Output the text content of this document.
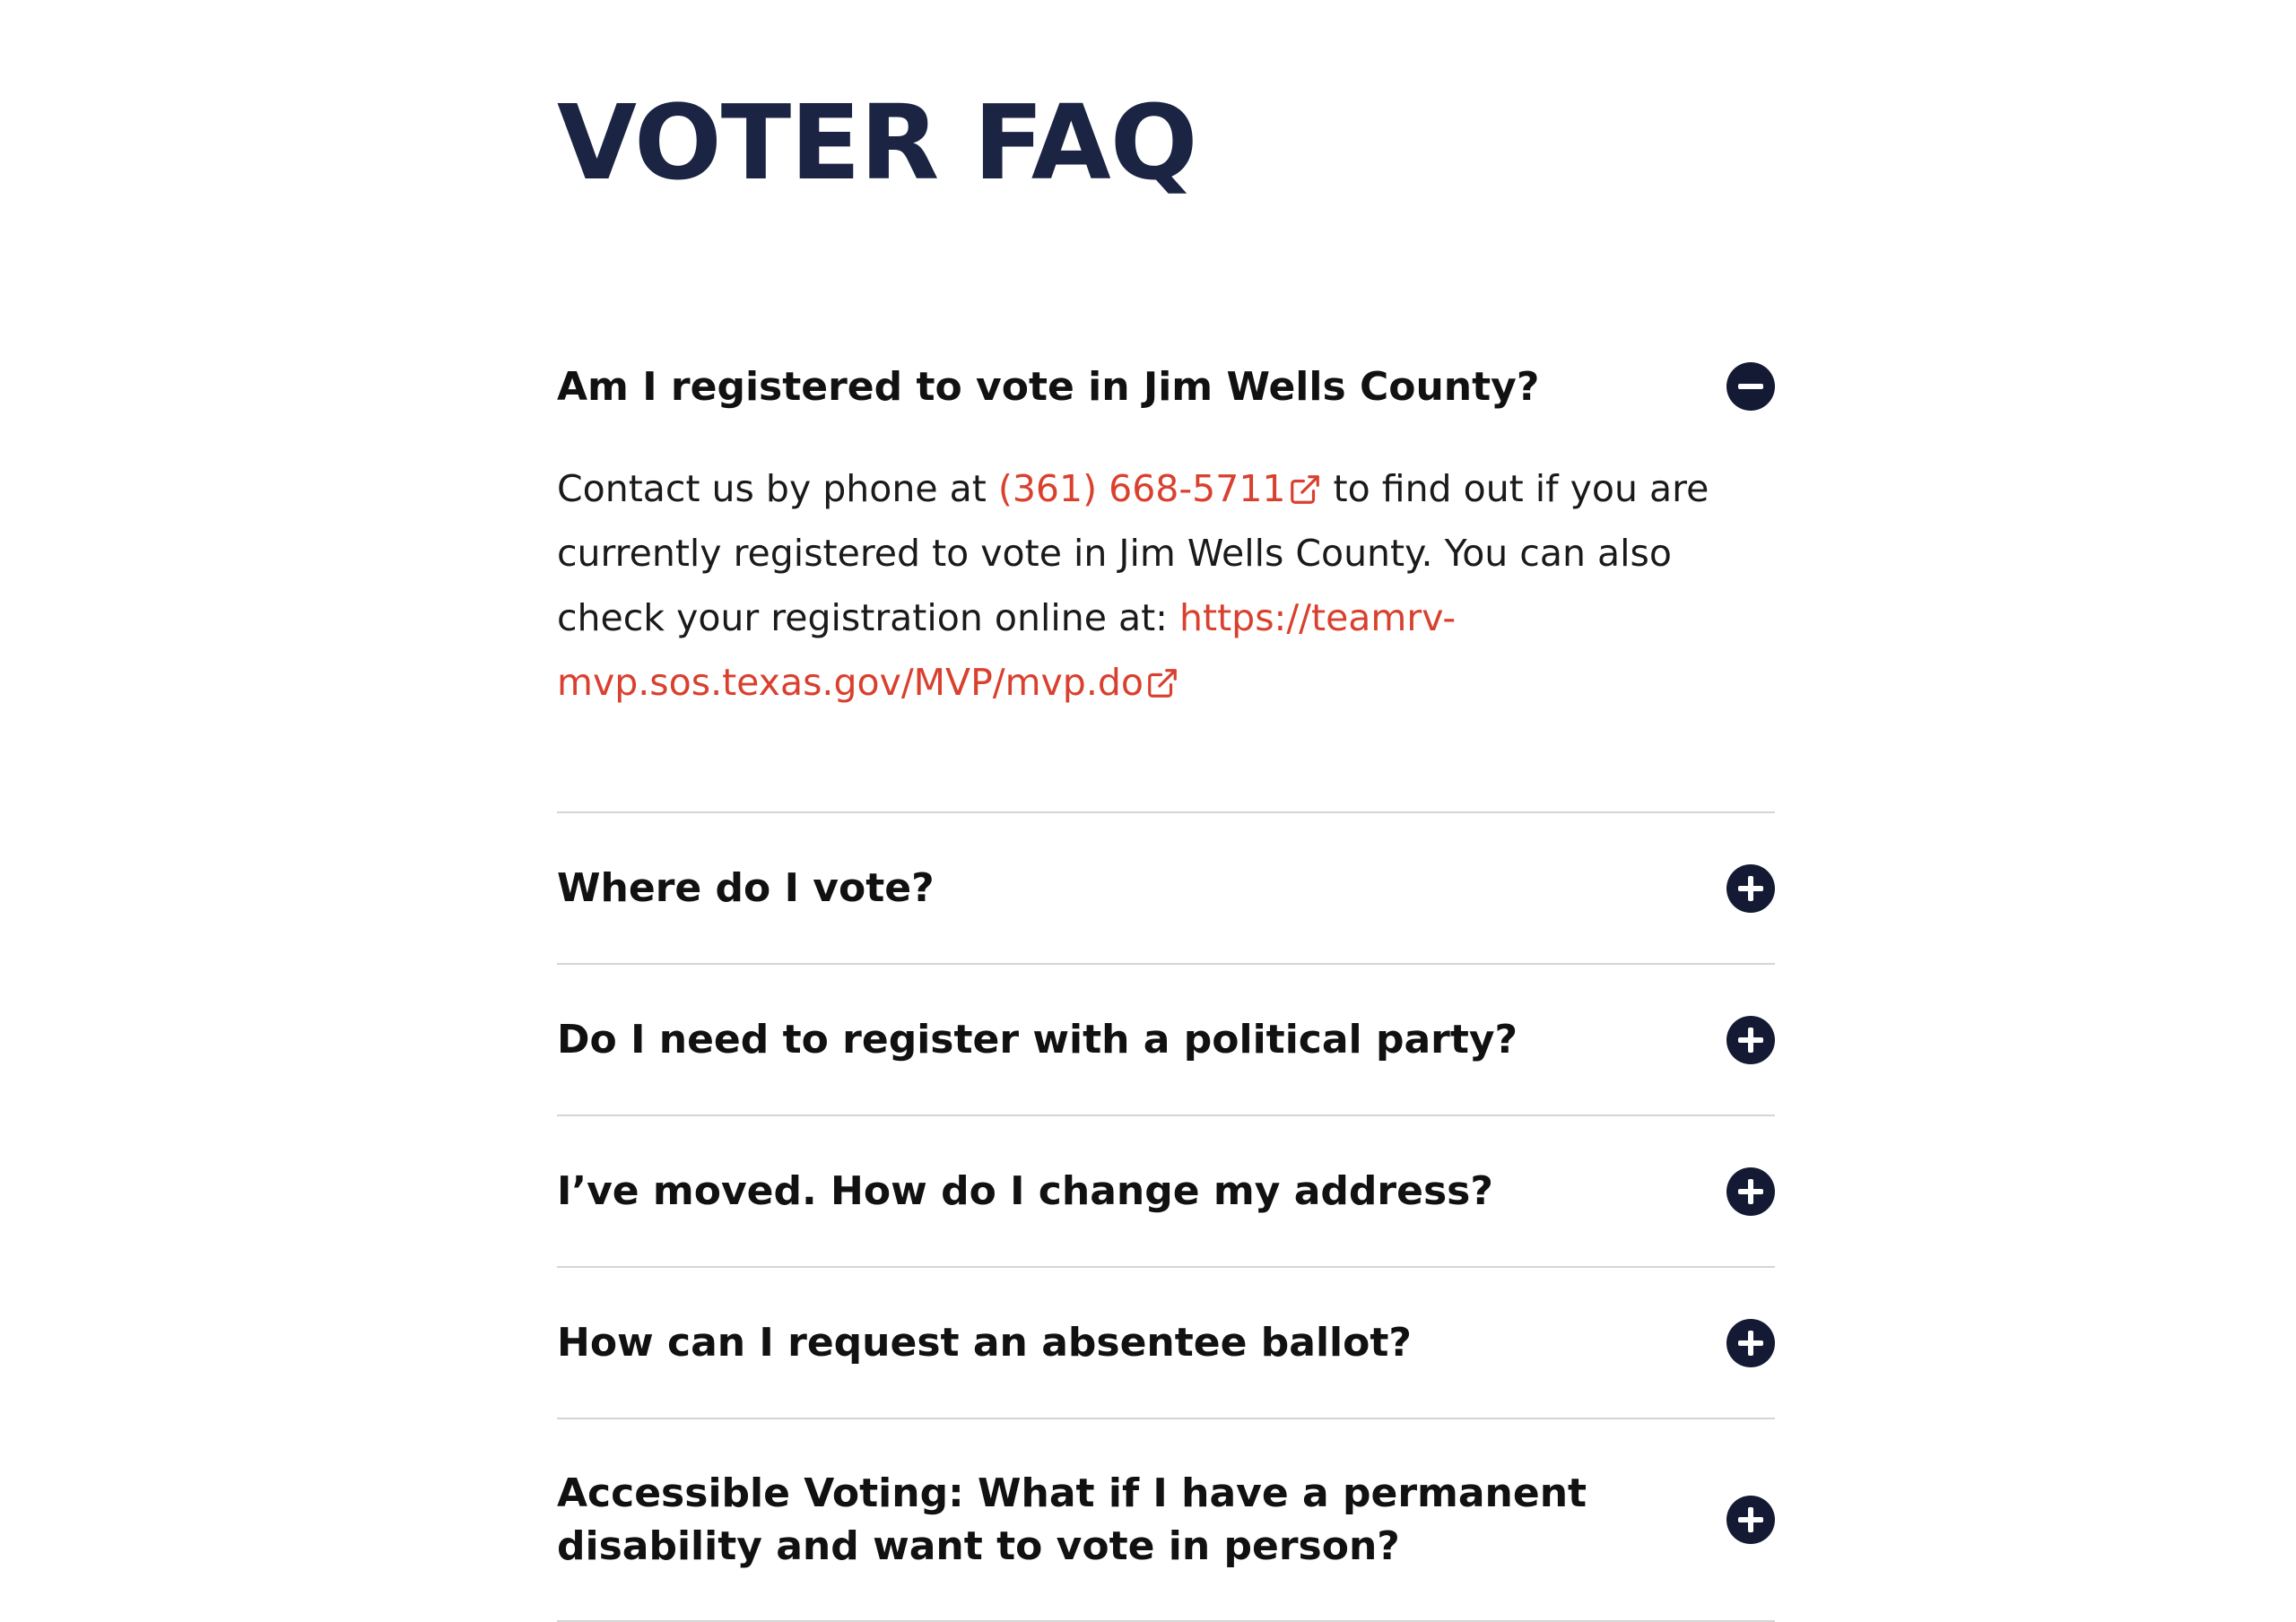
VOTER FAQ
Am I registered to vote in Jim Wells County?
Contact us by phone at (361) 668-5711 to find out if you are currently registered to vote in Jim Wells County. You can also check your registration online at: https://teamrv-mvp.sos.texas.gov/MVP/mvp.do
Where do I vote?
Do I need to register with a political party?
I’ve moved. How do I change my address?
How can I request an absentee ballot?
Accessible Voting: What if I have a permanent disability and want to vote in person?
